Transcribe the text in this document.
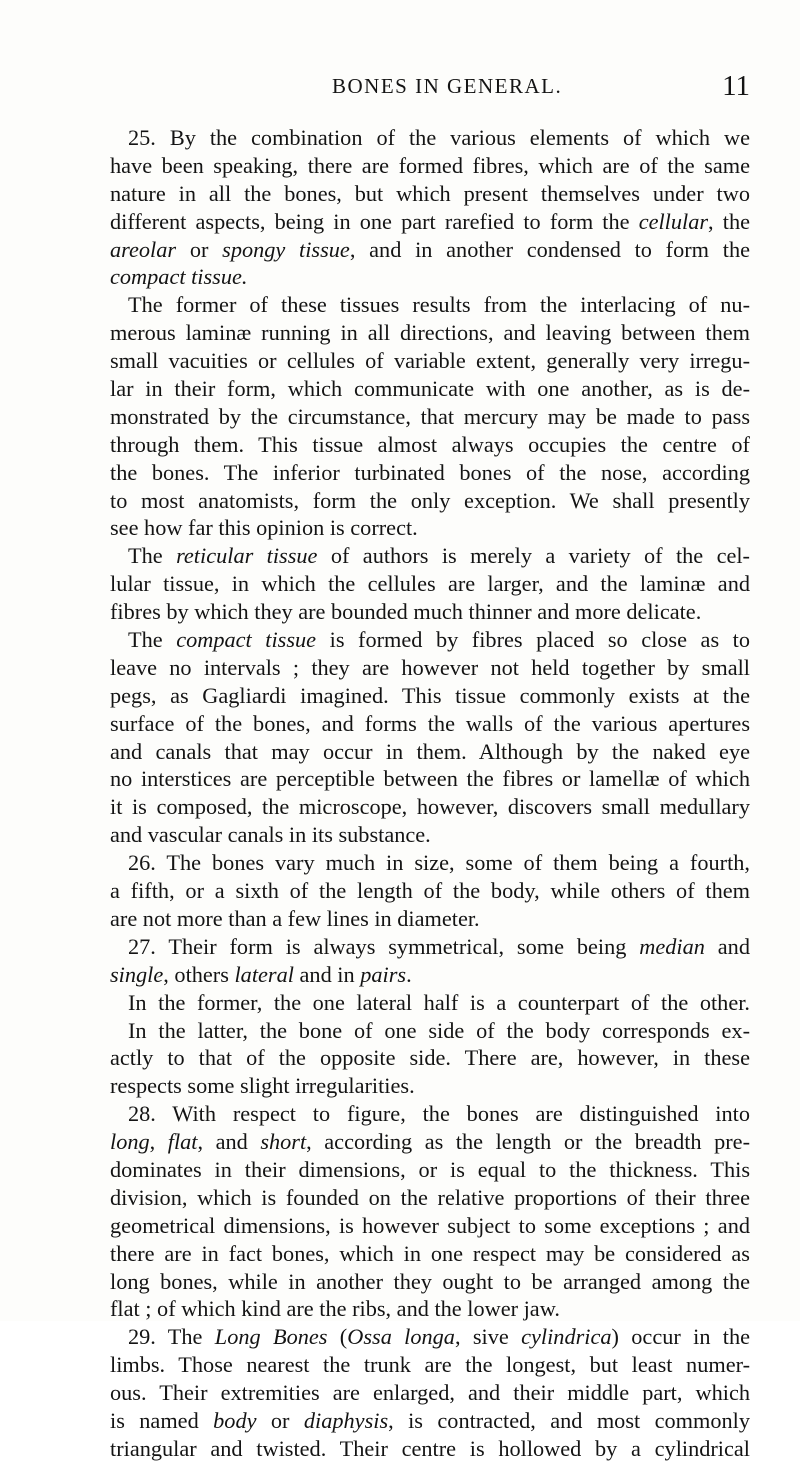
BONES IN GENERAL.	11
25. By the combination of the various elements of which we
have been speaking, there are formed fibres, which are of the same
nature in all the bones, but which present themselves under two
different aspects, being in one part rarefied to form the cellular, the
areolar or spongy tissue, and in another condensed to form the
compact tissue.
The former of these tissues results from the interlacing of nu-
merous laminæ running in all directions, and leaving between them
small vacuities or cellules of variable extent, generally very irregu-
lar in their form, which communicate with one another, as is de-
monstrated by the circumstance, that mercury may be made to pass
through them. This tissue almost always occupies the centre of
the bones. The inferior turbinated bones of the nose, according
to most anatomists, form the only exception. We shall presently
see how far this opinion is correct.
The reticular tissue of authors is merely a variety of the cel-
lular tissue, in which the cellules are larger, and the laminæ and
fibres by which they are bounded much thinner and more delicate.
The compact tissue is formed by fibres placed so close as to
leave no intervals ; they are however not held together by small
pegs, as Gagliardi imagined. This tissue commonly exists at the
surface of the bones, and forms the walls of the various apertures
and canals that may occur in them. Although by the naked eye
no interstices are perceptible between the fibres or lamellæ of which
it is composed, the microscope, however, discovers small medullary
and vascular canals in its substance.
26. The bones vary much in size, some of them being a fourth,
a fifth, or a sixth of the length of the body, while others of them
are not more than a few lines in diameter.
27. Their form is always symmetrical, some being median and
single, others lateral and in pairs.
In the former, the one lateral half is a counterpart of the other.
In the latter, the bone of one side of the body corresponds ex-
actly to that of the opposite side. There are, however, in these
respects some slight irregularities.
28. With respect to figure, the bones are distinguished into
long, flat, and short, according as the length or the breadth pre-
dominates in their dimensions, or is equal to the thickness. This
division, which is founded on the relative proportions of their three
geometrical dimensions, is however subject to some exceptions ; and
there are in fact bones, which in one respect may be considered as
long bones, while in another they ought to be arranged among the
flat ; of which kind are the ribs, and the lower jaw.
29. The Long Bones (Ossa longa, sive cylindrica) occur in the
limbs. Those nearest the trunk are the longest, but least numer-
ous. Their extremities are enlarged, and their middle part, which
is named body or diaphysis, is contracted, and most commonly
triangular and twisted. Their centre is hollowed by a cylindrical
